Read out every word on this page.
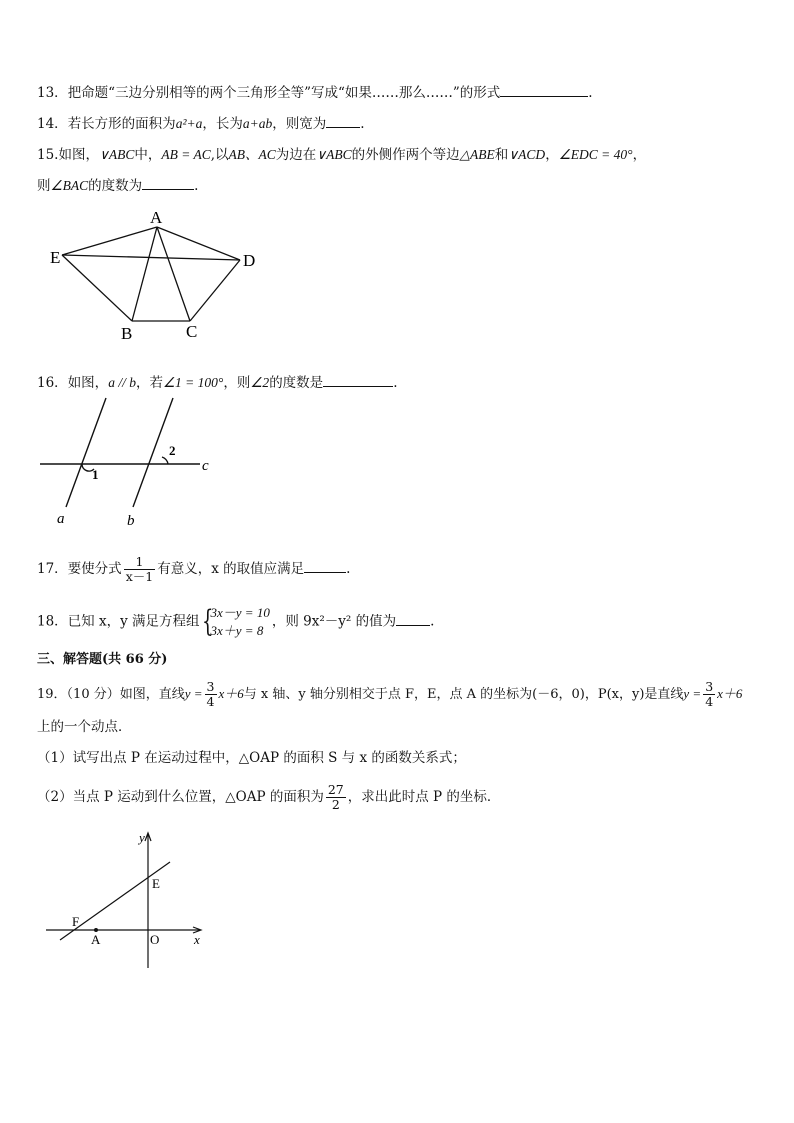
13．把命题“三边分别相等的两个三角形全等”写成“如果……那么……”的形式	.
14．若长方形的面积为a²+a，长为a+ab，则宽为	.
15.如图，∨ABC中，AB = AC,以AB、AC为边在∨ABC的外侧作两个等边△ABE和∨ACD，∠EDC = 40°，
则∠BAC的度数为	.
A
B	C
D
E
16．如图，a // b，若∠1 = 100°，则∠2的度数是	.
1
2
c
a	b
17．要使分式 $\frac{1}{x-1}$ 有意义，x 的取值应满足	.
18．已知 x，y 满足方程组 {
3x－y = 10
3x＋y = 8
，则 9x²－y² 的值为	.
三、解答题(共 66 分)
19．（10 分）如图，直线$y = \frac{3}{4} x+6$与 x 轴、y 轴分别相交于点 F，E，点 A 的坐标为(－6，0)，P(x，y)是直线$y = \frac{3}{4} x+6$
上的一个动点．
（1）试写出点 P 在运动过程中，△OAP 的面积 S 与 x 的函数关系式；
（2）当点 P 运动到什么位置，△OAP 的面积为 $\frac{27}{2}$ ，求出此时点 P 的坐标．
y
x
E
F
A	O
